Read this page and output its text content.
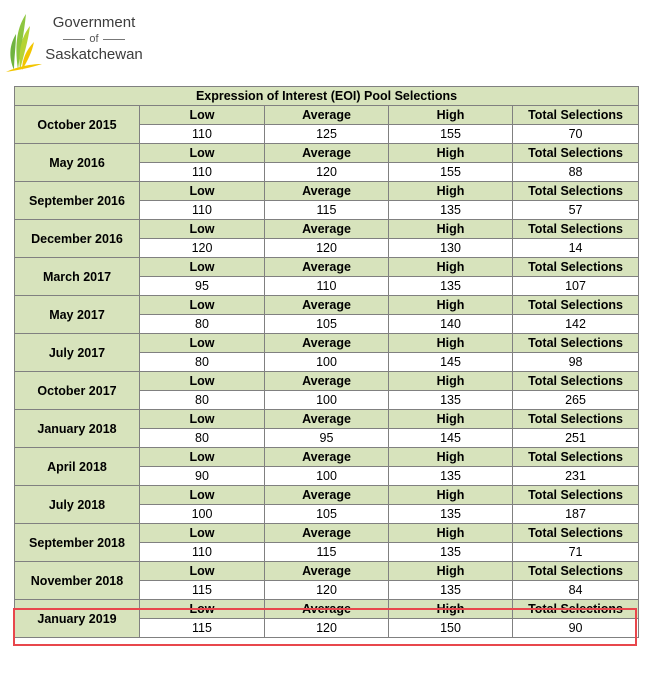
Government
of
Saskatchewan
Expression of Interest (EOI) Pool Selections				
October 2015	Low	Average	High	Total Selections
	110	125	155	70
May 2016	Low	Average	High	Total Selections
	110	120	155	88
September 2016	Low	Average	High	Total Selections
	110	115	135	57
December 2016	Low	Average	High	Total Selections
	120	120	130	14
March 2017	Low	Average	High	Total Selections
	95	110	135	107
May 2017	Low	Average	High	Total Selections
	80	105	140	142
July 2017	Low	Average	High	Total Selections
	80	100	145	98
October 2017	Low	Average	High	Total Selections
	80	100	135	265
January 2018	Low	Average	High	Total Selections
	80	95	145	251
April 2018	Low	Average	High	Total Selections
	90	100	135	231
July 2018	Low	Average	High	Total Selections
	100	105	135	187
September 2018	Low	Average	High	Total Selections
	110	115	135	71
November 2018	Low	Average	High	Total Selections
	115	120	135	84
January 2019	Low	Average	High	Total Selections
	115	120	150	90
